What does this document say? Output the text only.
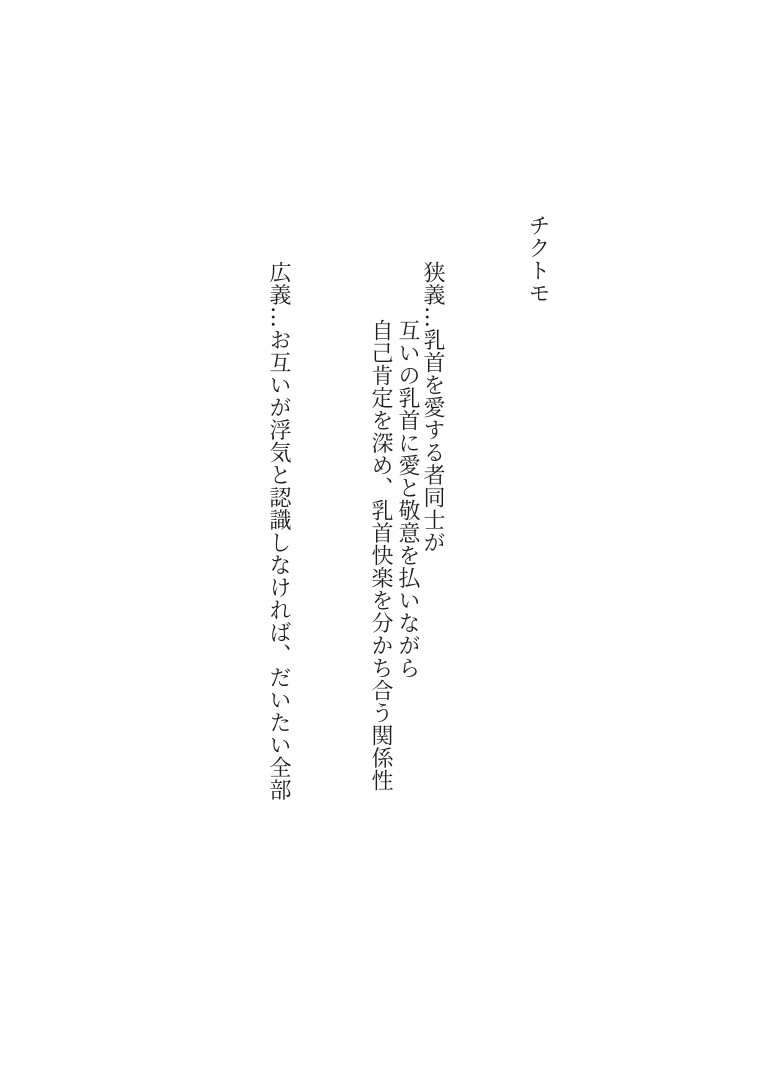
チクトモ
狭義…乳首を愛する者同士が
互いの乳首に愛と敬意を払いながら
自己肯定を深め、乳首快楽を分かち合う関係性
広義…お互いが浮気と認識しなければ、だいたい全部
